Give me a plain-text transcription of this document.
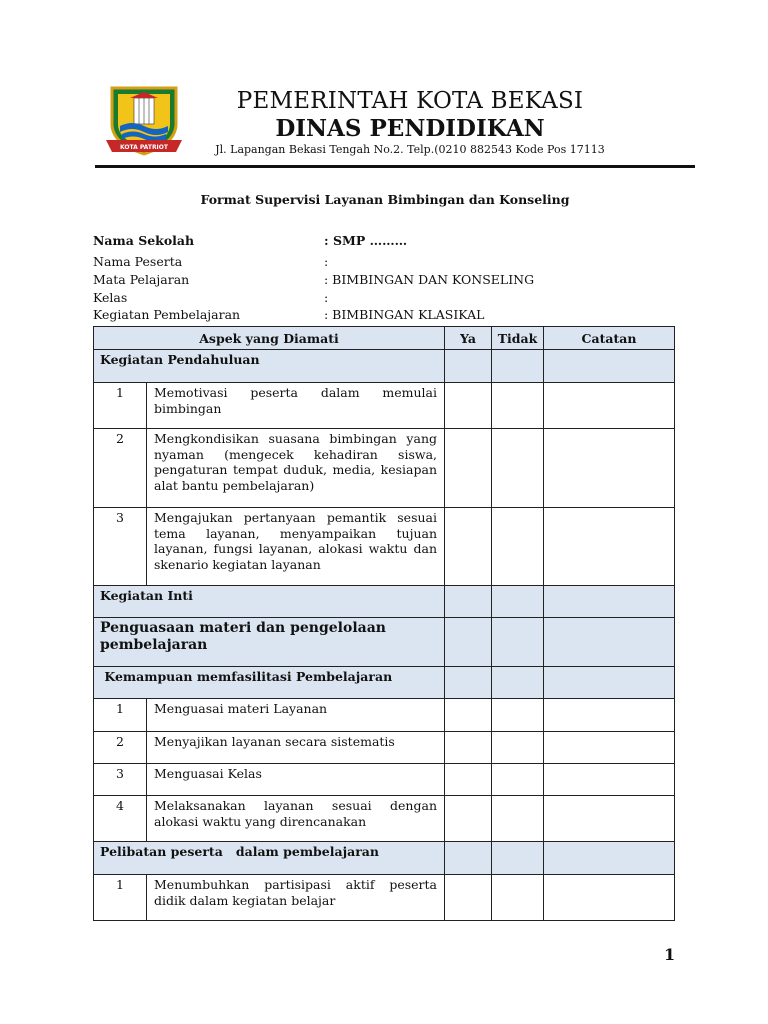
KOTA PATRIOT
PEMERINTAH KOTA BEKASI
DINAS PENDIDIKAN
Jl. Lapangan Bekasi Tengah No.2. Telp.(0210 882543 Kode Pos 17113
Format Supervisi Layanan Bimbingan dan Konseling
Nama Sekolah	: SMP ………
Nama Peserta	:
Mata Pelajaran	: BIMBINGAN DAN KONSELING
Kelas	:
Kegiatan Pembelajaran	: BIMBINGAN KLASIKAL
Aspek yang Diamati		Ya	Tidak	Catatan
Kegiatan Pendahuluan				
1	Memotivasi peserta dalam memulai bimbingan			
2	Mengkondisikan suasana bimbingan yang nyaman (mengecek kehadiran siswa, pengaturan tempat duduk, media, kesiapan alat bantu pembelajaran)			
3	Mengajukan pertanyaan pemantik sesuai tema layanan, menyampaikan tujuan layanan, fungsi layanan, alokasi waktu dan skenario kegiatan layanan			
Kegiatan Inti				
Penguasaan materi dan pengelolaan pembelajaran				
Kemampuan memfasilitasi Pembelajaran				
1	Menguasai materi Layanan			
2	Menyajikan layanan secara sistematis			
3	Menguasai Kelas			
4	Melaksanakan layanan sesuai dengan alokasi waktu yang direncanakan			
Pelibatan peserta   dalam pembelajaran				
1	Menumbuhkan partisipasi aktif peserta didik dalam kegiatan belajar			
1
